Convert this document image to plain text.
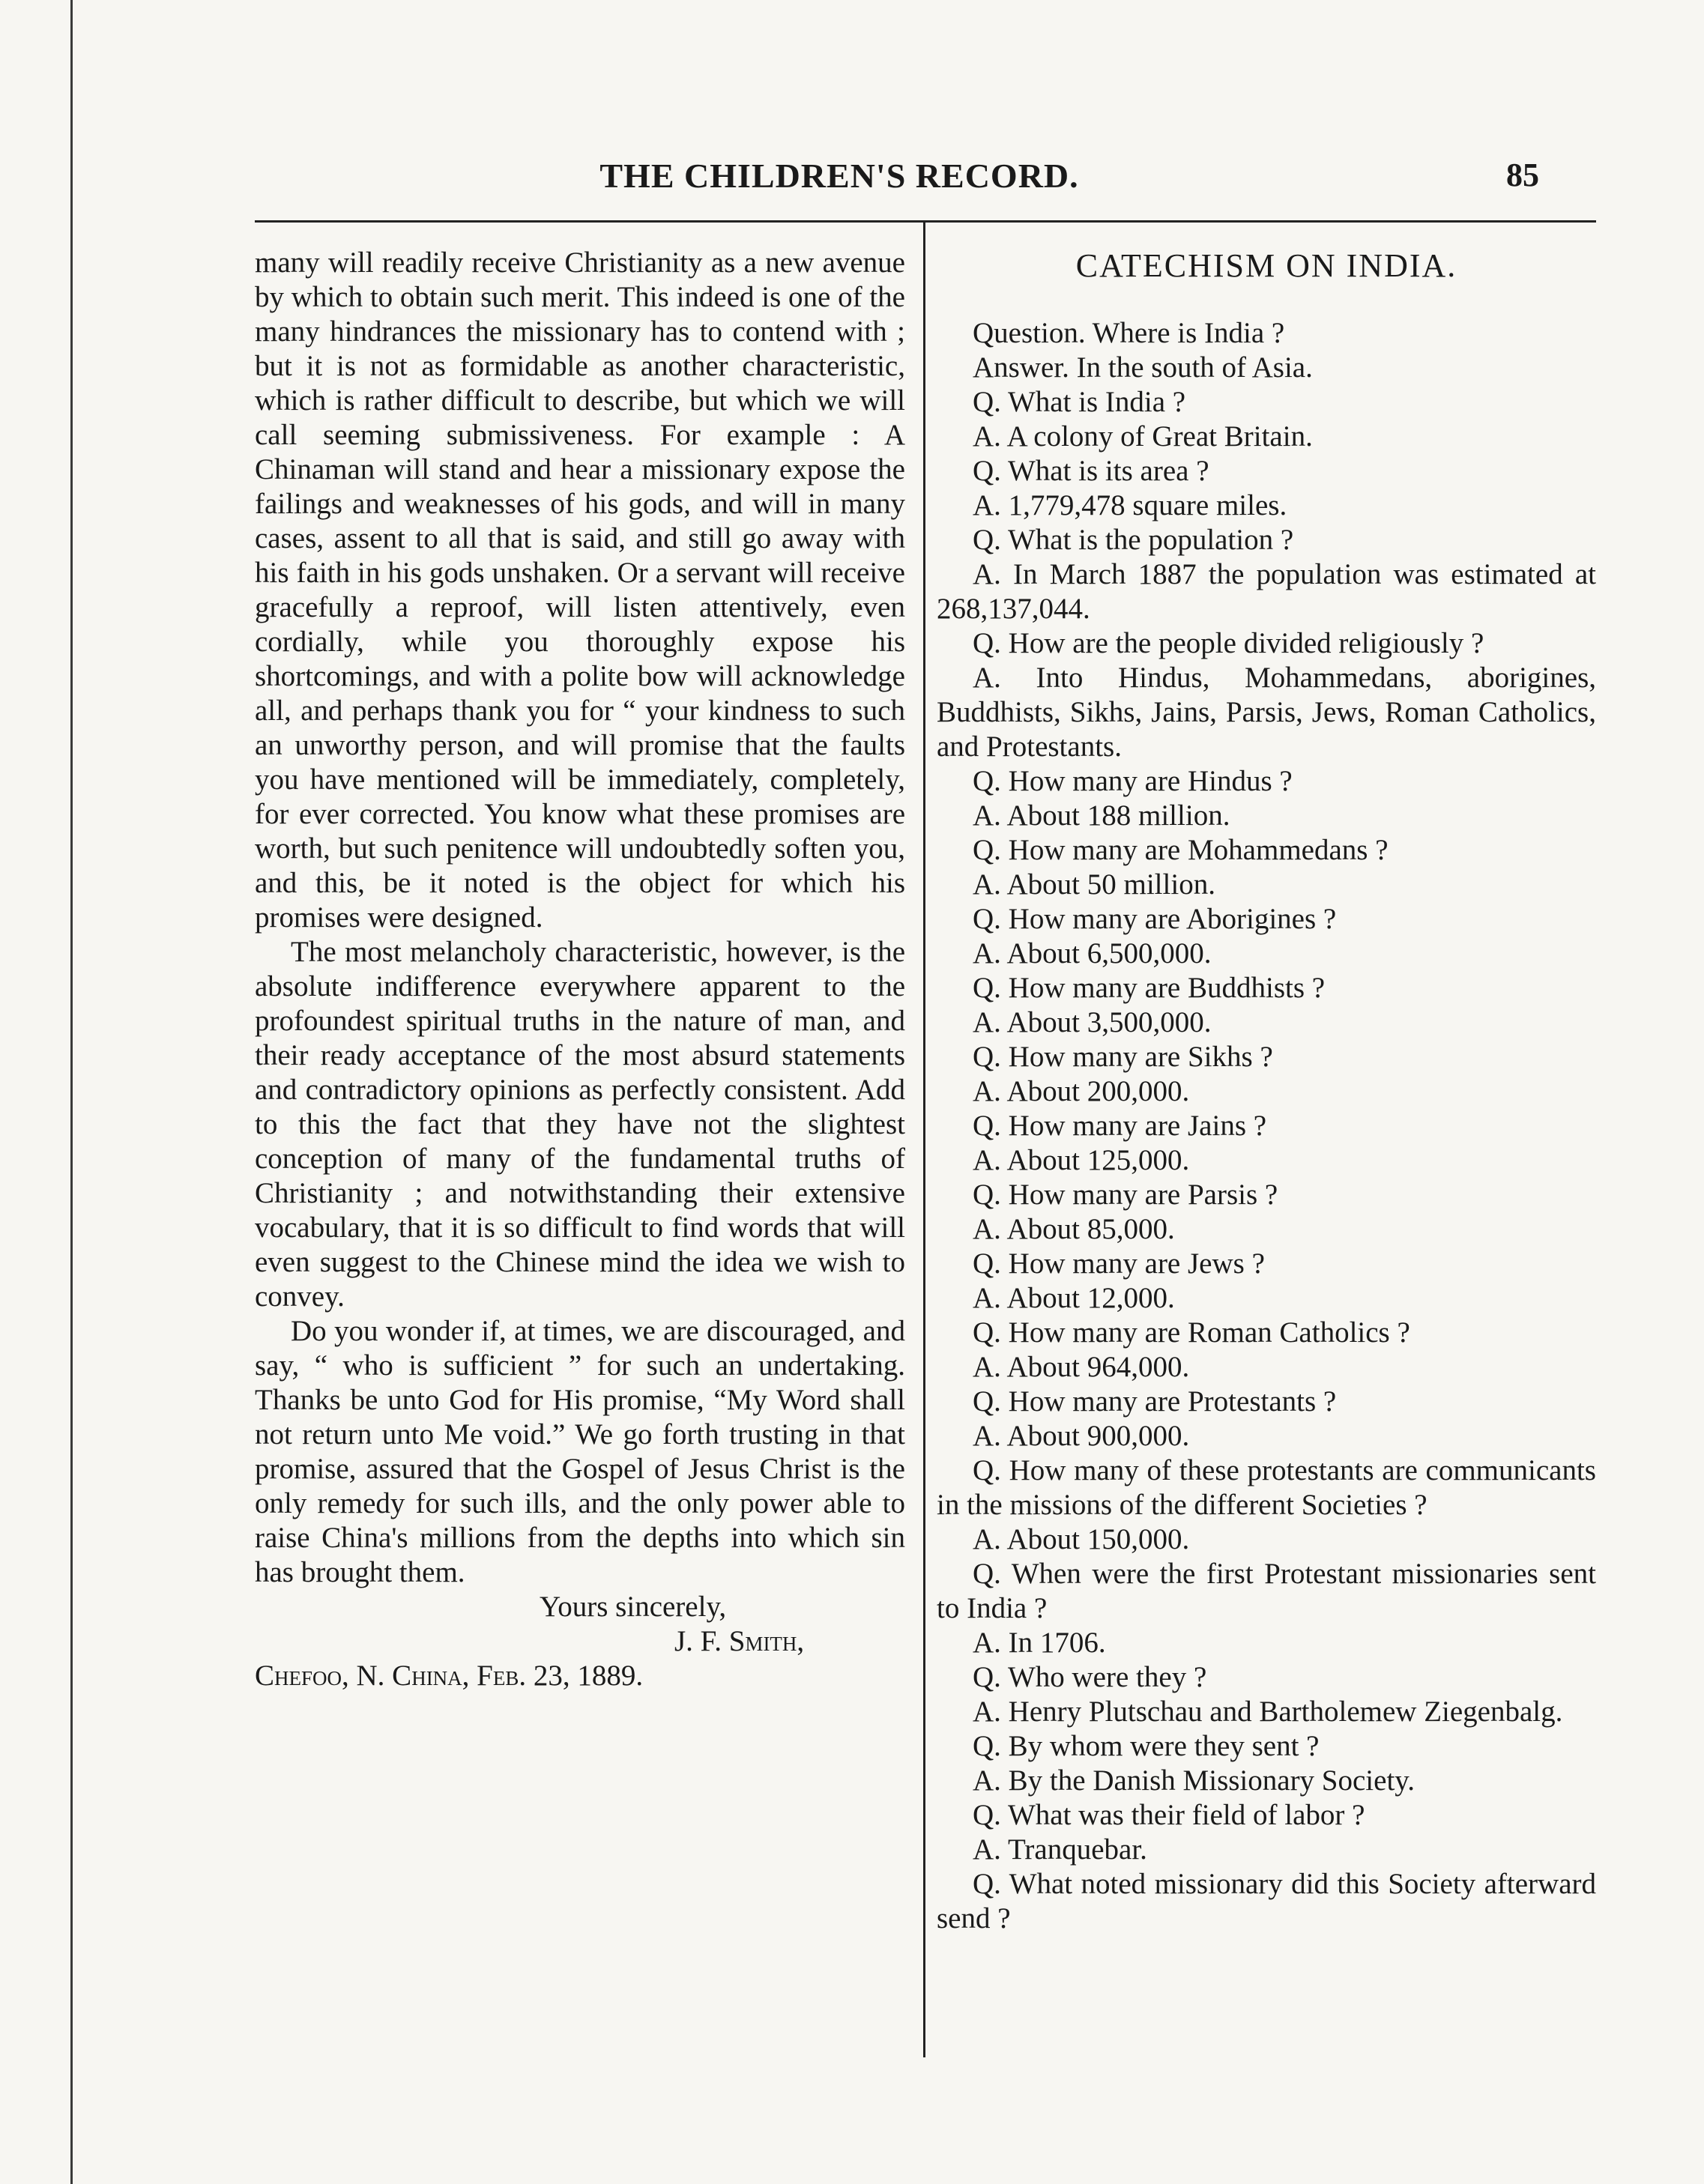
THE CHILDREN'S RECORD.	85

many will readily receive Christianity as a new avenue by which to obtain such merit. This indeed is one of the many hindrances the missionary has to contend with ; but it is not as formidable as another characteristic, which is rather difficult to describe, but which we will call seeming submissiveness. For example : A Chinaman will stand and hear a missionary expose the failings and weaknesses of his gods, and will in many cases, assent to all that is said, and still go away with his faith in his gods unshaken. Or a servant will receive gracefully a reproof, will listen attentively, even cordially, while you thoroughly expose his shortcomings, and with a polite bow will acknowledge all, and perhaps thank you for “ your kindness to such an unworthy person, and will promise that the faults you have mentioned will be immediately, completely, for ever corrected. You know what these promises are worth, but such penitence will undoubtedly soften you, and this, be it noted is the object for which his promises were designed.

The most melancholy characteristic, however, is the absolute indifference everywhere apparent to the profoundest spiritual truths in the nature of man, and their ready acceptance of the most absurd statements and contradictory opinions as perfectly consistent. Add to this the fact that they have not the slightest conception of many of the fundamental truths of Christianity ; and notwithstanding their extensive vocabulary, that it is so difficult to find words that will even suggest to the Chinese mind the idea we wish to convey.

Do you wonder if, at times, we are discouraged, and say, “ who is sufficient ” for such an undertaking. Thanks be unto God for His promise, “My Word shall not return unto Me void.” We go forth trusting in that promise, assured that the Gospel of Jesus Christ is the only remedy for such ills, and the only power able to raise China's millions from the depths into which sin has brought them.

Yours sincerely,

J. F. Smith,

Chefoo, N. China, Feb. 23, 1889.

CATECHISM ON INDIA.

Question. Where is India ?

Answer. In the south of Asia.

Q. What is India ?

A. A colony of Great Britain.

Q. What is its area ?

A. 1,779,478 square miles.

Q. What is the population ?

A. In March 1887 the population was estimated at 268,137,044.

Q. How are the people divided religiously ?

A. Into Hindus, Mohammedans, aborigines, Buddhists, Sikhs, Jains, Parsis, Jews, Roman Catholics, and Protestants.

Q. How many are Hindus ?

A. About 188 million.

Q. How many are Mohammedans ?

A. About 50 million.

Q. How many are Aborigines ?

A. About 6,500,000.

Q. How many are Buddhists ?

A. About 3,500,000.

Q. How many are Sikhs ?

A. About 200,000.

Q. How many are Jains ?

A. About 125,000.

Q. How many are Parsis ?

A. About 85,000.

Q. How many are Jews ?

A. About 12,000.

Q. How many are Roman Catholics ?

A. About 964,000.

Q. How many are Protestants ?

A. About 900,000.

Q. How many of these protestants are communicants in the missions of the different Societies ?

A. About 150,000.

Q. When were the first Protestant missionaries sent to India ?

A. In 1706.

Q. Who were they ?

A. Henry Plutschau and Bartholemew Ziegenbalg.

Q. By whom were they sent ?

A. By the Danish Missionary Society.

Q. What was their field of labor ?

A. Tranquebar.

Q. What noted missionary did this Society afterward send ?
